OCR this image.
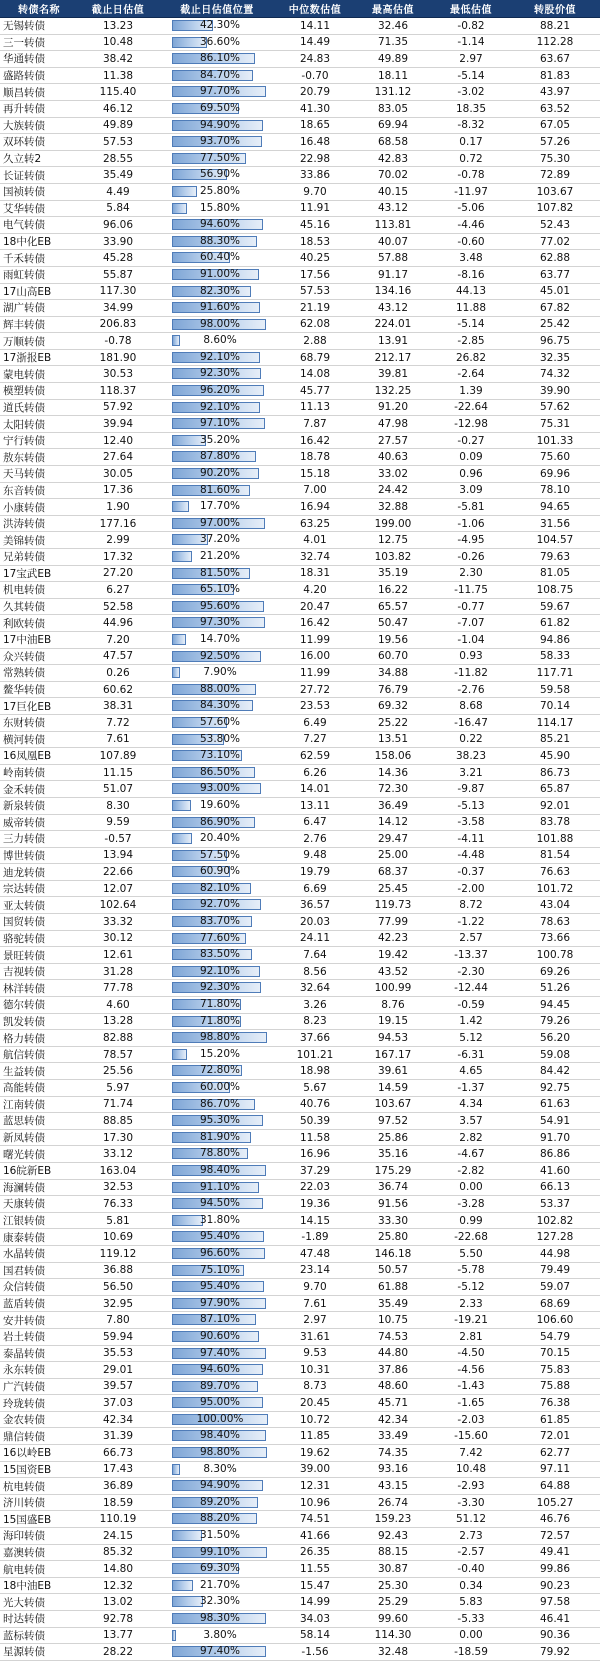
转债名称	截止日估值	截止日估值位置	中位数估值	最高估值	最低估值	转股价值
无锡转债	13.23	42.30%	14.11	32.46	-0.82	88.21
三一转债	10.48	36.60%	14.49	71.35	-1.14	112.28
华通转债	38.42	86.10%	24.83	49.89	2.97	63.67
盛路转债	11.38	84.70%	-0.70	18.11	-5.14	81.83
顺昌转债	115.40	97.70%	20.79	131.12	-3.02	43.97
再升转债	46.12	69.50%	41.30	83.05	18.35	63.52
大族转债	49.89	94.90%	18.65	69.94	-8.32	67.05
双环转债	57.53	93.70%	16.48	68.58	0.17	57.26
久立转2	28.55	77.50%	22.98	42.83	0.72	75.30
长证转债	35.49	56.90%	33.86	70.02	-0.78	72.89
国祯转债	4.49	25.80%	9.70	40.15	-11.97	103.67
艾华转债	5.84	15.80%	11.91	43.12	-5.06	107.82
电气转债	96.06	94.60%	45.16	113.81	-4.46	52.43
18中化EB	33.90	88.30%	18.53	40.07	-0.60	77.02
千禾转债	45.28	60.40%	40.25	57.88	3.48	62.88
雨虹转债	55.87	91.00%	17.56	91.17	-8.16	63.77
17山高EB	117.30	82.30%	57.53	134.16	44.13	45.01
湖广转债	34.99	91.60%	21.19	43.12	11.88	67.82
辉丰转债	206.83	98.00%	62.08	224.01	-5.14	25.42
万顺转债	-0.78	8.60%	2.88	13.91	-2.85	96.75
17浙报EB	181.90	92.10%	68.79	212.17	26.82	32.35
蒙电转债	30.53	92.30%	14.08	39.81	-2.64	74.32
模塑转债	118.37	96.20%	45.77	132.25	1.39	39.90
道氏转债	57.92	92.10%	11.13	91.20	-22.64	57.62
太阳转债	39.94	97.10%	7.87	47.98	-12.98	75.31
宁行转债	12.40	35.20%	16.42	27.57	-0.27	101.33
敖东转债	27.64	87.80%	18.78	40.63	0.09	75.60
天马转债	30.05	90.20%	15.18	33.02	0.96	69.96
东音转债	17.36	81.60%	7.00	24.42	3.09	78.10
小康转债	1.90	17.70%	16.94	32.88	-5.81	94.65
洪涛转债	177.16	97.00%	63.25	199.00	-1.06	31.56
美锦转债	2.99	37.20%	4.01	12.75	-4.95	104.57
兄弟转债	17.32	21.20%	32.74	103.82	-0.26	79.63
17宝武EB	27.20	81.50%	18.31	35.19	2.30	81.05
机电转债	6.27	65.10%	4.20	16.22	-11.75	108.75
久其转债	52.58	95.60%	20.47	65.57	-0.77	59.67
利欧转债	44.96	97.30%	16.42	50.47	-7.07	61.82
17中油EB	7.20	14.70%	11.99	19.56	-1.04	94.86
众兴转债	47.57	92.50%	16.00	60.70	0.93	58.33
常熟转债	0.26	7.90%	11.99	34.88	-11.82	117.71
鳌华转债	60.62	88.00%	27.72	76.79	-2.76	59.58
17巨化EB	38.31	84.30%	23.53	69.32	8.68	70.14
东财转债	7.72	57.60%	6.49	25.22	-16.47	114.17
横河转债	7.61	53.80%	7.27	13.51	0.22	85.21
16凤凰EB	107.89	73.10%	62.59	158.06	38.23	45.90
岭南转债	11.15	86.50%	6.26	14.36	3.21	86.73
金禾转债	51.07	93.00%	14.01	72.30	-9.87	65.87
新泉转债	8.30	19.60%	13.11	36.49	-5.13	92.01
威帝转债	9.59	86.90%	6.47	14.12	-3.58	83.78
三力转债	-0.57	20.40%	2.76	29.47	-4.11	101.88
博世转债	13.94	57.50%	9.48	25.00	-4.48	81.54
迪龙转债	22.66	60.90%	19.79	68.37	-0.37	76.63
宗达转债	12.07	82.10%	6.69	25.45	-2.00	101.72
亚太转债	102.64	92.70%	36.57	119.73	8.72	43.04
国贸转债	33.32	83.70%	20.03	77.99	-1.22	78.63
骆驼转债	30.12	77.60%	24.11	42.23	2.57	73.66
景旺转债	12.61	83.50%	7.64	19.42	-13.37	100.78
吉视转债	31.28	92.10%	8.56	43.52	-2.30	69.26
林洋转债	77.78	92.30%	32.64	100.99	-12.44	51.26
德尔转债	4.60	71.80%	3.26	8.76	-0.59	94.45
凯发转债	13.28	71.80%	8.23	19.15	1.42	79.26
格力转债	82.88	98.80%	37.66	94.53	5.12	56.20
航信转债	78.57	15.20%	101.21	167.17	-6.31	59.08
生益转债	25.56	72.80%	18.98	39.61	4.65	84.42
高能转债	5.97	60.00%	5.67	14.59	-1.37	92.75
江南转债	71.74	86.70%	40.76	103.67	4.34	61.63
蓝思转债	88.85	95.30%	50.39	97.52	3.57	54.91
新凤转债	17.30	81.90%	11.58	25.86	2.82	91.70
曙光转债	33.12	78.80%	16.96	35.16	-4.67	86.86
16皖新EB	163.04	98.40%	37.29	175.29	-2.82	41.60
海澜转债	32.53	91.10%	22.03	36.74	0.00	66.13
天康转债	76.33	94.50%	19.36	91.56	-3.28	53.37
江银转债	5.81	31.80%	14.15	33.30	0.99	102.82
康泰转债	10.69	95.40%	-1.89	25.80	-22.68	127.28
水晶转债	119.12	96.60%	47.48	146.18	5.50	44.98
国君转债	36.88	75.10%	23.14	50.57	-5.78	79.49
众信转债	56.50	95.40%	9.70	61.88	-5.12	59.07
蓝盾转债	32.95	97.90%	7.61	35.49	2.33	68.69
安井转债	7.80	87.10%	2.97	10.75	-19.21	106.60
岩土转债	59.94	90.60%	31.61	74.53	2.81	54.79
泰晶转债	35.53	97.40%	9.53	44.80	-4.50	70.15
永东转债	29.01	94.60%	10.31	37.86	-4.56	75.83
广汽转债	39.57	89.70%	8.73	48.60	-1.43	75.88
玲珑转债	37.03	95.00%	20.45	45.71	-1.65	76.38
金农转债	42.34	100.00%	10.72	42.34	-2.03	61.85
鼎信转债	31.39	98.40%	11.85	33.49	-15.60	72.01
16以岭EB	66.73	98.80%	19.62	74.35	7.42	62.77
15国资EB	17.43	8.30%	39.00	93.16	10.48	97.11
杭电转债	36.89	94.90%	12.31	43.15	-2.93	64.88
济川转债	18.59	89.20%	10.96	26.74	-3.30	105.27
15国盛EB	110.19	88.20%	74.51	159.23	51.12	46.76
海印转债	24.15	31.50%	41.66	92.43	2.73	72.57
嘉澳转债	85.32	99.10%	26.35	88.15	-2.57	49.41
航电转债	14.80	69.30%	11.55	30.87	-0.40	99.86
18中油EB	12.32	21.70%	15.47	25.30	0.34	90.23
光大转债	13.02	32.30%	14.99	25.29	5.83	97.58
时达转债	92.78	98.30%	34.03	99.60	-5.33	46.41
蓝标转债	13.77	3.80%	58.14	114.30	0.00	90.36
星源转债	28.22	97.40%	-1.56	32.48	-18.59	79.92
